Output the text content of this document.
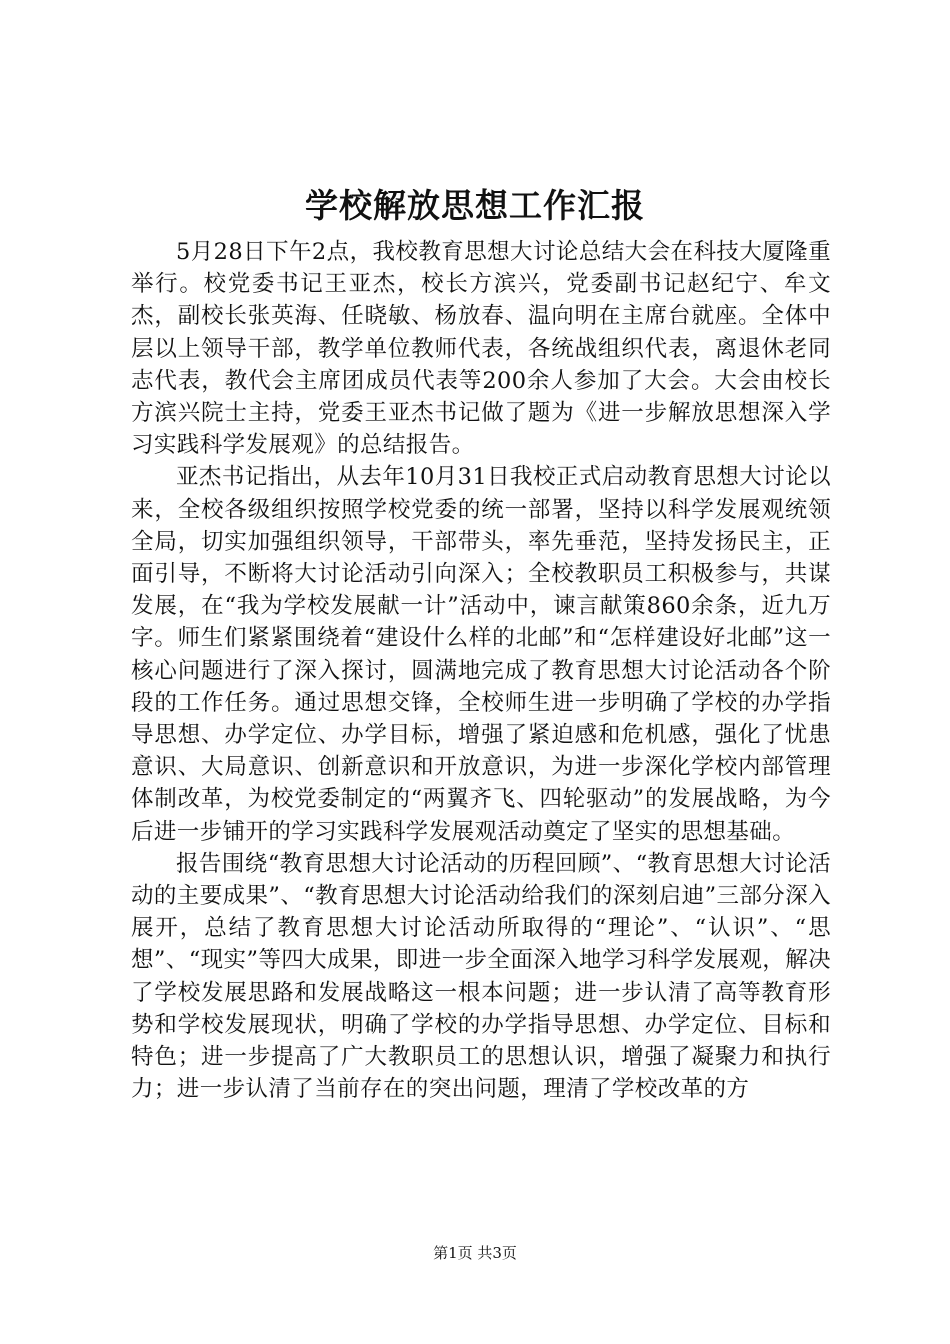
学校解放思想工作汇报

5月28日下午2点，我校教育思想大讨论总结大会在科技大厦隆重举行。校党委书记王亚杰，校长方滨兴，党委副书记赵纪宁、牟文杰，副校长张英海、任晓敏、杨放春、温向明在主席台就座。全体中层以上领导干部，教学单位教师代表，各统战组织代表，离退休老同志代表，教代会主席团成员代表等200余人参加了大会。大会由校长方滨兴院士主持，党委王亚杰书记做了题为《进一步解放思想深入学习实践科学发展观》的总结报告。

亚杰书记指出，从去年10月31日我校正式启动教育思想大讨论以来，全校各级组织按照学校党委的统一部署，坚持以科学发展观统领全局，切实加强组织领导，干部带头，率先垂范，坚持发扬民主，正面引导，不断将大讨论活动引向深入；全校教职员工积极参与，共谋发展，在“我为学校发展献一计”活动中，谏言献策860余条，近九万字。师生们紧紧围绕着“建设什么样的北邮”和“怎样建设好北邮”这一核心问题进行了深入探讨，圆满地完成了教育思想大讨论活动各个阶段的工作任务。通过思想交锋，全校师生进一步明确了学校的办学指导思想、办学定位、办学目标，增强了紧迫感和危机感，强化了忧患意识、大局意识、创新意识和开放意识，为进一步深化学校内部管理体制改革，为校党委制定的“两翼齐飞、四轮驱动”的发展战略，为今后进一步铺开的学习实践科学发展观活动奠定了坚实的思想基础。

报告围绕“教育思想大讨论活动的历程回顾”、“教育思想大讨论活动的主要成果”、“教育思想大讨论活动给我们的深刻启迪”三部分深入展开，总结了教育思想大讨论活动所取得的“理论”、“认识”、“思想”、“现实”等四大成果，即进一步全面深入地学习科学发展观，解决了学校发展思路和发展战略这一根本问题；进一步认清了高等教育形势和学校发展现状，明确了学校的办学指导思想、办学定位、目标和特色；进一步提高了广大教职员工的思想认识，增强了凝聚力和执行力；进一步认清了当前存在的突出问题，理清了学校改革的方

第1页 共3页
